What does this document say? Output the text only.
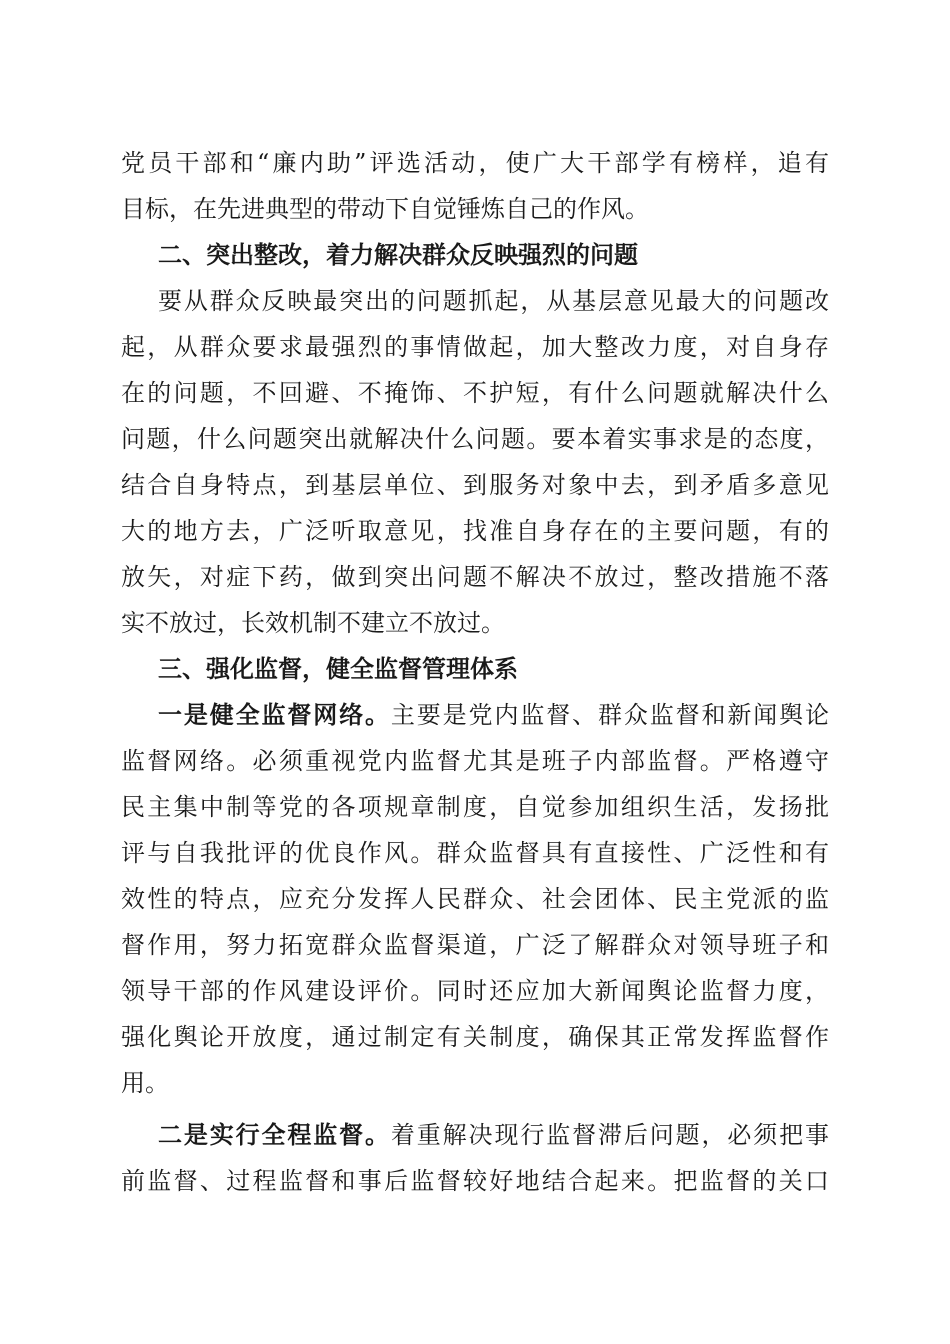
党员干部和“廉内助”评选活动，使广大干部学有榜样，追有
目标，在先进典型的带动下自觉锤炼自己的作风。
二、突出整改，着力解决群众反映强烈的问题
要从群众反映最突出的问题抓起，从基层意见最大的问题改
起，从群众要求最强烈的事情做起，加大整改力度，对自身存
在的问题，不回避、不掩饰、不护短，有什么问题就解决什么
问题，什么问题突出就解决什么问题。要本着实事求是的态度，
结合自身特点，到基层单位、到服务对象中去，到矛盾多意见
大的地方去，广泛听取意见，找准自身存在的主要问题，有的
放矢，对症下药，做到突出问题不解决不放过，整改措施不落
实不放过，长效机制不建立不放过。
三、强化监督，健全监督管理体系
一是健全监督网络。主要是党内监督、群众监督和新闻舆论
监督网络。必须重视党内监督尤其是班子内部监督。严格遵守
民主集中制等党的各项规章制度，自觉参加组织生活，发扬批
评与自我批评的优良作风。群众监督具有直接性、广泛性和有
效性的特点，应充分发挥人民群众、社会团体、民主党派的监
督作用，努力拓宽群众监督渠道，广泛了解群众对领导班子和
领导干部的作风建设评价。同时还应加大新闻舆论监督力度，
强化舆论开放度，通过制定有关制度，确保其正常发挥监督作
用。
二是实行全程监督。着重解决现行监督滞后问题，必须把事
前监督、过程监督和事后监督较好地结合起来。把监督的关口
